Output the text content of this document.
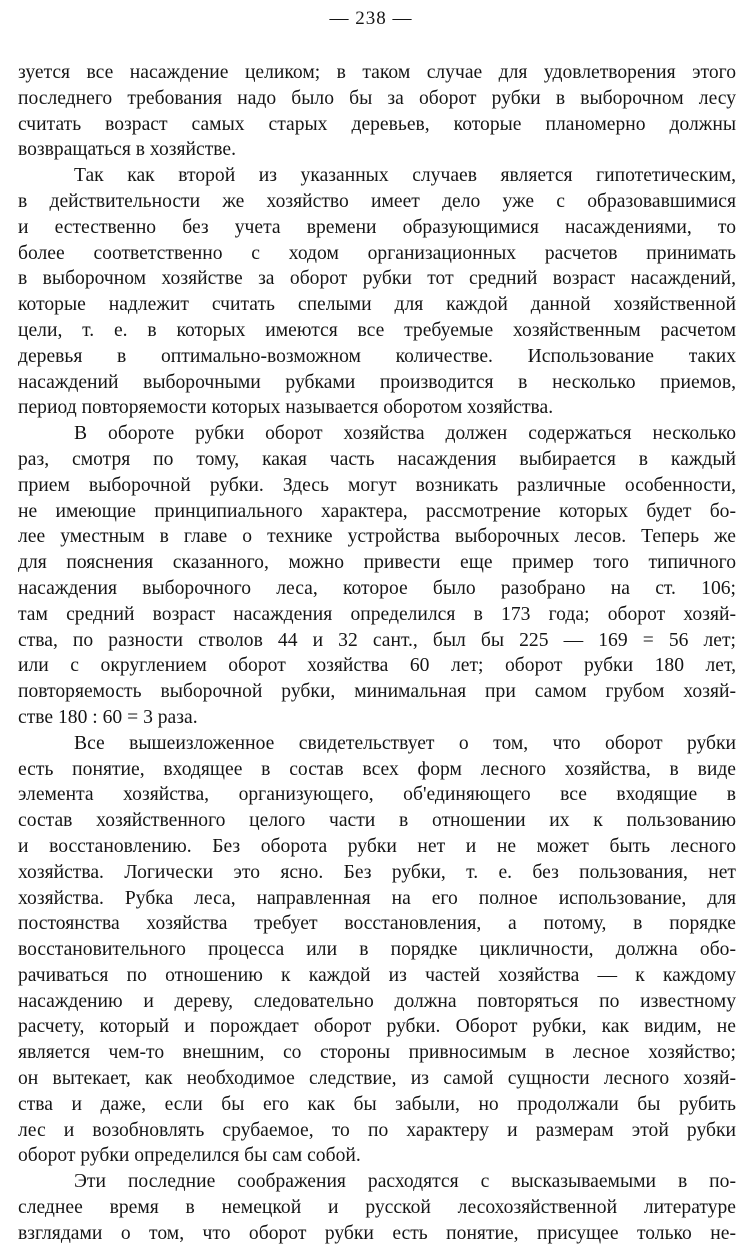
— 238 —
зуется все насаждение целиком; в таком случае для удовлетворения этого
последнего требования надо было бы за оборот рубки в выборочном лесу
считать возраст самых старых деревьев, которые планомерно должны
возвращаться в хозяйстве.
Так как второй из указанных случаев является гипотетическим,
в действительности же хозяйство имеет дело уже с образовавшимися
и естественно без учета времени образующимися насаждениями, то
более соответственно с ходом организационных расчетов принимать
в выборочном хозяйстве за оборот рубки тот средний возраст насаждений,
которые надлежит считать спелыми для каждой данной хозяйственной
цели, т. е. в которых имеются все требуемые хозяйственным расчетом
деревья в оптимально-возможном количестве. Использование таких
насаждений выборочными рубками производится в несколько приемов,
период повторяемости которых называется оборотом хозяйства.
В обороте рубки оборот хозяйства должен содержаться несколько
раз, смотря по тому, какая часть насаждения выбирается в каждый
прием выборочной рубки. Здесь могут возникать различные особенности,
не имеющие принципиального характера, рассмотрение которых будет бо-
лее уместным в главе о технике устройства выборочных лесов. Теперь же
для пояснения сказанного, можно привести еще пример того типичного
насаждения выборочного леса, которое было разобрано на ст. 106;
там средний возраст насаждения определился в 173 года; оборот хозяй-
ства, по разности стволов 44 и 32 сант., был бы 225 — 169 = 56 лет;
или с округлением оборот хозяйства 60 лет; оборот рубки 180 лет,
повторяемость выборочной рубки, минимальная при самом грубом хозяй-
стве 180 : 60 = 3 раза.
Все вышеизложенное свидетельствует о том, что оборот рубки
есть понятие, входящее в состав всех форм лесного хозяйства, в виде
элемента хозяйства, организующего, об'единяющего все входящие в
состав хозяйственного целого части в отношении их к пользованию
и восстановлению. Без оборота рубки нет и не может быть лесного
хозяйства. Логически это ясно. Без рубки, т. е. без пользования, нет
хозяйства. Рубка леса, направленная на его полное использование, для
постоянства хозяйства требует восстановления, а потому, в порядке
восстановительного процесса или в порядке цикличности, должна обо-
рачиваться по отношению к каждой из частей хозяйства — к каждому
насаждению и дереву, следовательно должна повторяться по известному
расчету, который и порождает оборот рубки. Оборот рубки, как видим, не
является чем-то внешним, со стороны привносимым в лесное хозяйство;
он вытекает, как необходимое следствие, из самой сущности лесного хозяй-
ства и даже, если бы его как бы забыли, но продолжали бы рубить
лес и возобновлять срубаемое, то по характеру и размерам этой рубки
оборот рубки определился бы сам собой.
Эти последние соображения расходятся с высказываемыми в по-
следнее время в немецкой и русской лесохозяйственной литературе
взглядами о том, что оборот рубки есть понятие, присущее только не-
